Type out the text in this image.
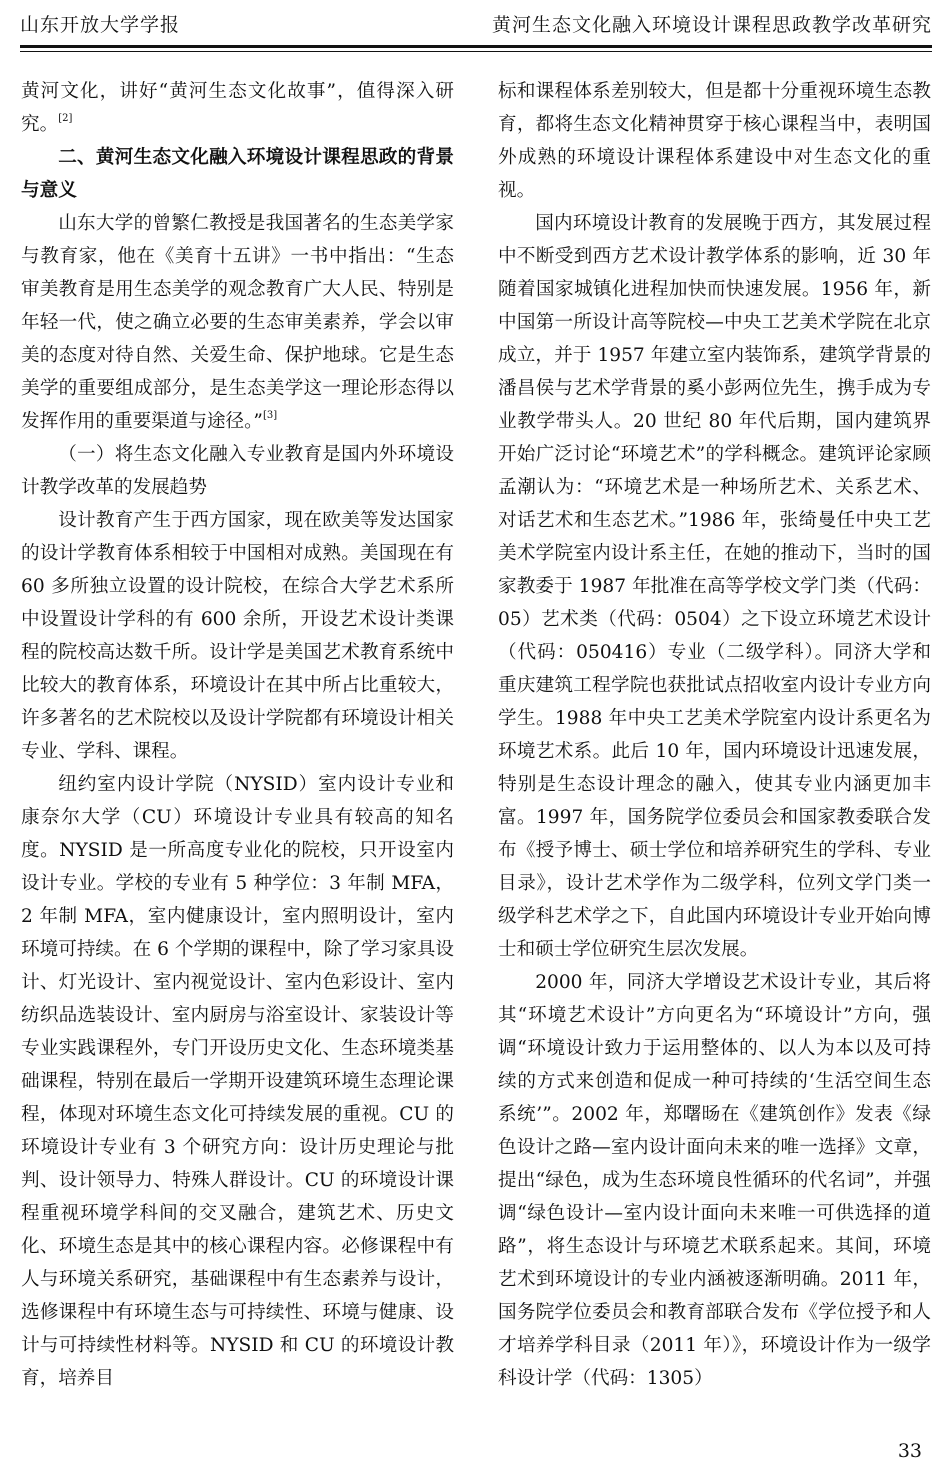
山东开放大学学报	黄河生态文化融入环境设计课程思政教学改革研究

黄河文化，讲好“黄河生态文化故事”，值得深入研究。[2]

二、黄河生态文化融入环境设计课程思政的背景与意义

山东大学的曾繁仁教授是我国著名的生态美学家与教育家，他在《美育十五讲》一书中指出：“生态审美教育是用生态美学的观念教育广大人民、特别是年轻一代，使之确立必要的生态审美素养，学会以审美的态度对待自然、关爱生命、保护地球。它是生态美学的重要组成部分，是生态美学这一理论形态得以发挥作用的重要渠道与途径。”[3]

（一）将生态文化融入专业教育是国内外环境设计教学改革的发展趋势

设计教育产生于西方国家，现在欧美等发达国家的设计学教育体系相较于中国相对成熟。美国现在有 60 多所独立设置的设计院校，在综合大学艺术系所中设置设计学科的有 600 余所，开设艺术设计类课程的院校高达数千所。设计学是美国艺术教育系统中比较大的教育体系，环境设计在其中所占比重较大，许多著名的艺术院校以及设计学院都有环境设计相关专业、学科、课程。

纽约室内设计学院（NYSID）室内设计专业和康奈尔大学（CU）环境设计专业具有较高的知名度。NYSID 是一所高度专业化的院校，只开设室内设计专业。学校的专业有 5 种学位：3 年制 MFA，2 年制 MFA，室内健康设计，室内照明设计，室内环境可持续。在 6 个学期的课程中，除了学习家具设计、灯光设计、室内视觉设计、室内色彩设计、室内纺织品选装设计、室内厨房与浴室设计、家装设计等专业实践课程外，专门开设历史文化、生态环境类基础课程，特别在最后一学期开设建筑环境生态理论课程，体现对环境生态文化可持续发展的重视。CU 的环境设计专业有 3 个研究方向：设计历史理论与批判、设计领导力、特殊人群设计。CU 的环境设计课程重视环境学科间的交叉融合，建筑艺术、历史文化、环境生态是其中的核心课程内容。必修课程中有人与环境关系研究，基础课程中有生态素养与设计，选修课程中有环境生态与可持续性、环境与健康、设计与可持续性材料等。NYSID 和 CU 的环境设计教育，培养目

标和课程体系差别较大，但是都十分重视环境生态教育，都将生态文化精神贯穿于核心课程当中，表明国外成熟的环境设计课程体系建设中对生态文化的重视。

国内环境设计教育的发展晚于西方，其发展过程中不断受到西方艺术设计教学体系的影响，近 30 年随着国家城镇化进程加快而快速发展。1956 年，新中国第一所设计高等院校—中央工艺美术学院在北京成立，并于 1957 年建立室内装饰系，建筑学背景的潘昌侯与艺术学背景的奚小彭两位先生，携手成为专业教学带头人。20 世纪 80 年代后期，国内建筑界开始广泛讨论“环境艺术”的学科概念。建筑评论家顾孟潮认为：“环境艺术是一种场所艺术、关系艺术、对话艺术和生态艺术。”1986 年，张绮曼任中央工艺美术学院室内设计系主任，在她的推动下，当时的国家教委于 1987 年批准在高等学校文学门类（代码：05）艺术类（代码：0504）之下设立环境艺术设计（代码：050416）专业（二级学科）。同济大学和重庆建筑工程学院也获批试点招收室内设计专业方向学生。1988 年中央工艺美术学院室内设计系更名为环境艺术系。此后 10 年，国内环境设计迅速发展，特别是生态设计理念的融入，使其专业内涵更加丰富。1997 年，国务院学位委员会和国家教委联合发布《授予博士、硕士学位和培养研究生的学科、专业目录》，设计艺术学作为二级学科，位列文学门类一级学科艺术学之下，自此国内环境设计专业开始向博士和硕士学位研究生层次发展。

2000 年，同济大学增设艺术设计专业，其后将其“环境艺术设计”方向更名为“环境设计”方向，强调“环境设计致力于运用整体的、以人为本以及可持续的方式来创造和促成一种可持续的‘生活空间生态系统’”。2002 年，郑曙旸在《建筑创作》发表《绿色设计之路—室内设计面向未来的唯一选择》文章，提出“绿色，成为生态环境良性循环的代名词”，并强调“绿色设计—室内设计面向未来唯一可供选择的道路”，将生态设计与环境艺术联系起来。其间，环境艺术到环境设计的专业内涵被逐渐明确。2011 年，国务院学位委员会和教育部联合发布《学位授予和人才培养学科目录（2011 年）》，环境设计作为一级学科设计学（代码：1305）

33
